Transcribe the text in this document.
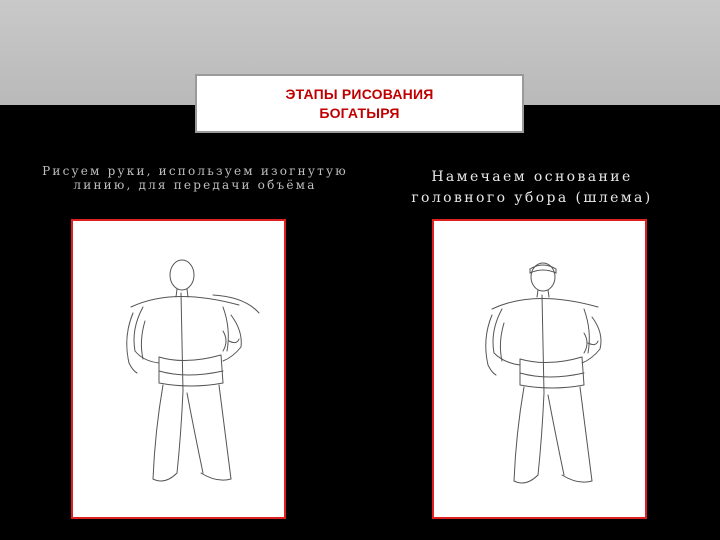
ЭТАПЫ РИСОВАНИЯ
БОГАТЫРЯ
Рисуем руки, используем изогнутую линию, для передачи объёма	Намечаем основание головного убора (шлема)
